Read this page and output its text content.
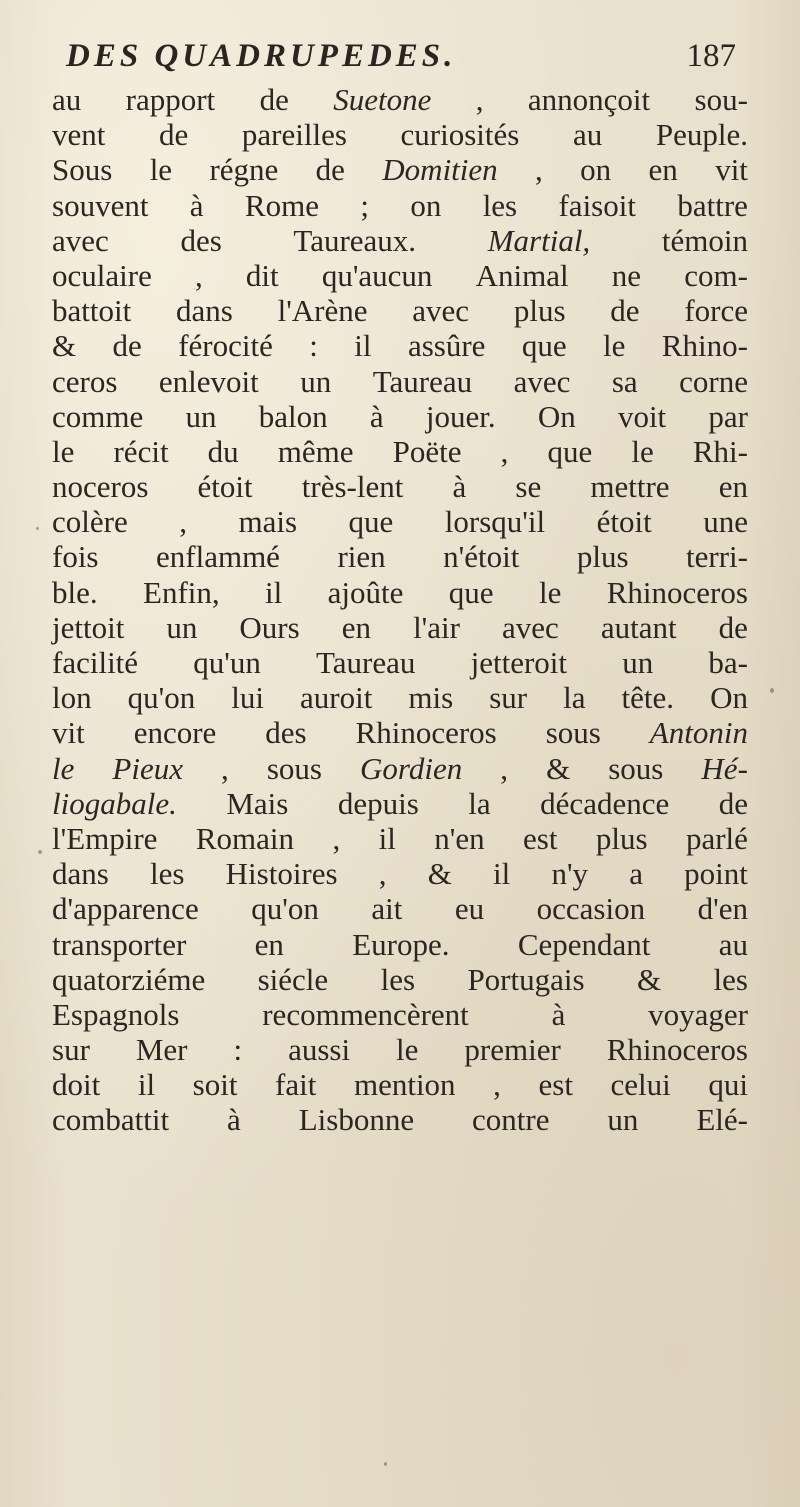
DES QUADRUPEDES.	187
au rapport de Suetone , annonçoit sou-
vent de pareilles curiosités au Peuple.
Sous le régne de Domitien , on en vit
souvent à Rome ; on les faisoit battre
avec des Taureaux. Martial, témoin
oculaire , dit qu'aucun Animal ne com-
battoit dans l'Arène avec plus de force
& de férocité : il assûre que le Rhino-
ceros enlevoit un Taureau avec sa corne
comme un balon à jouer. On voit par
le récit du même Poëte , que le Rhi-
noceros étoit très-lent à se mettre en
colère , mais que lorsqu'il étoit une
fois enflammé rien n'étoit plus terri-
ble. Enfin, il ajoûte que le Rhinoceros
jettoit un Ours en l'air avec autant de
facilité qu'un Taureau jetteroit un ba-
lon qu'on lui auroit mis sur la tête. On
vit encore des Rhinoceros sous Antonin
le Pieux , sous Gordien , & sous Hé-
liogabale. Mais depuis la décadence de
l'Empire Romain , il n'en est plus parlé
dans les Histoires , & il n'y a point
d'apparence qu'on ait eu occasion d'en
transporter en Europe. Cependant au
quatorziéme siécle les Portugais & les
Espagnols	recommencèrent	à	voyager
sur Mer : aussi le premier Rhinoceros
doit il soit fait mention , est celui qui
combattit à Lisbonne contre un Elé-
